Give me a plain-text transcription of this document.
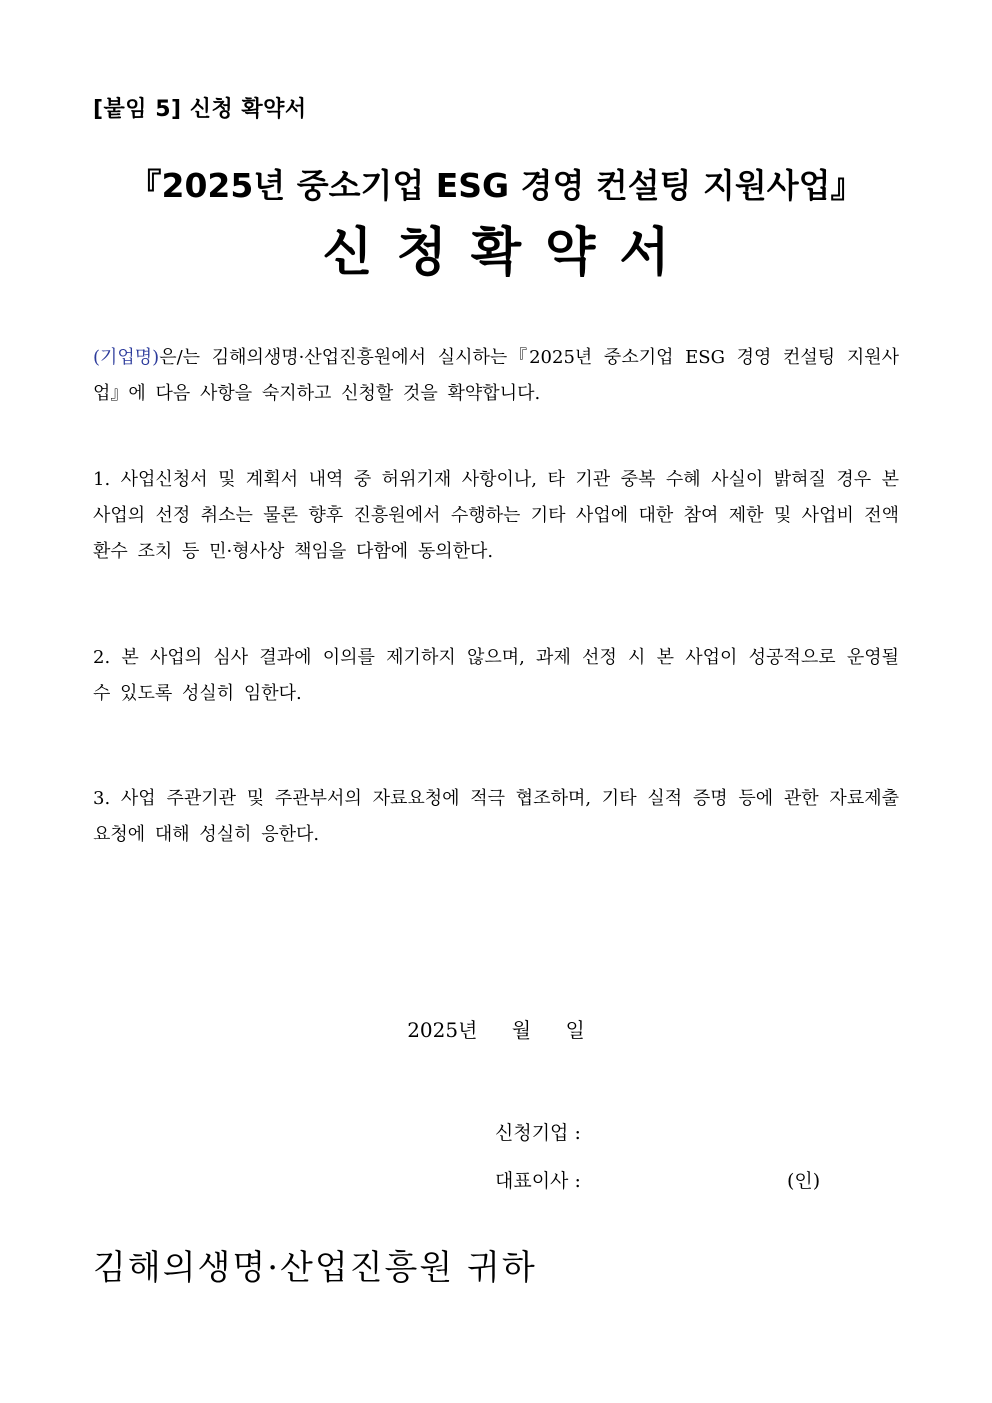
[붙임 5] 신청 확약서
『2025년 중소기업 ESG 경영 컨설팅 지원사업』
신청확약서
(기업명)은/는 김해의생명·산업진흥원에서 실시하는『2025년 중소기업 ESG 경영 컨설팅 지원사업』에 다음 사항을 숙지하고 신청할 것을 확약합니다.
1. 사업신청서 및 계획서 내역 중 허위기재 사항이나, 타 기관 중복 수혜 사실이 밝혀질 경우 본 사업의 선정 취소는 물론 향후 진흥원에서 수행하는 기타 사업에 대한 참여 제한 및 사업비 전액 환수 조치 등 민·형사상 책임을 다함에 동의한다.
2. 본 사업의 심사 결과에 이의를 제기하지 않으며, 과제 선정 시 본 사업이 성공적으로 운영될 수 있도록 성실히 임한다.
3. 사업 주관기관 및 주관부서의 자료요청에 적극 협조하며, 기타 실적 증명 등에 관한 자료제출 요청에 대해 성실히 응한다.
2025년 월 일
신청기업 :
대표이사 :	(인)
김해의생명·산업진흥원 귀하
